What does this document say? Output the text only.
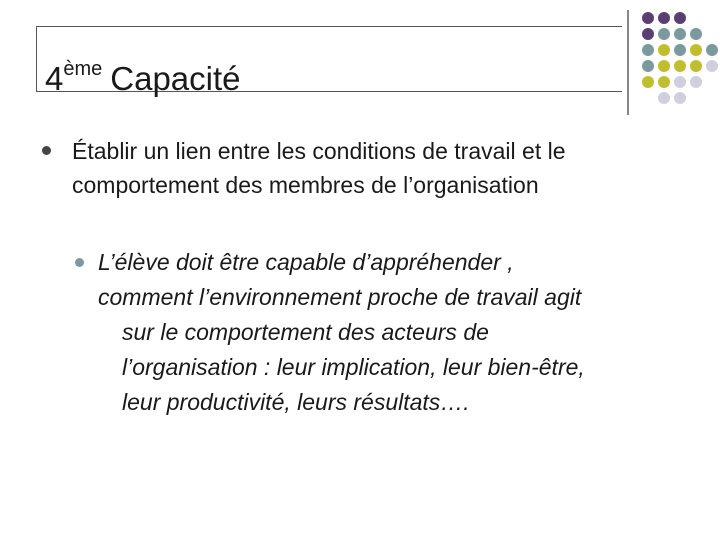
4ème Capacité
Établir un lien entre les conditions de travail et le comportement des membres de l’organisation
L’élève doit être capable d’appréhender ,
comment l’environnement proche de travail agit
sur le comportement des acteurs de
l’organisation : leur implication, leur bien-être,
leur productivité, leurs résultats….
